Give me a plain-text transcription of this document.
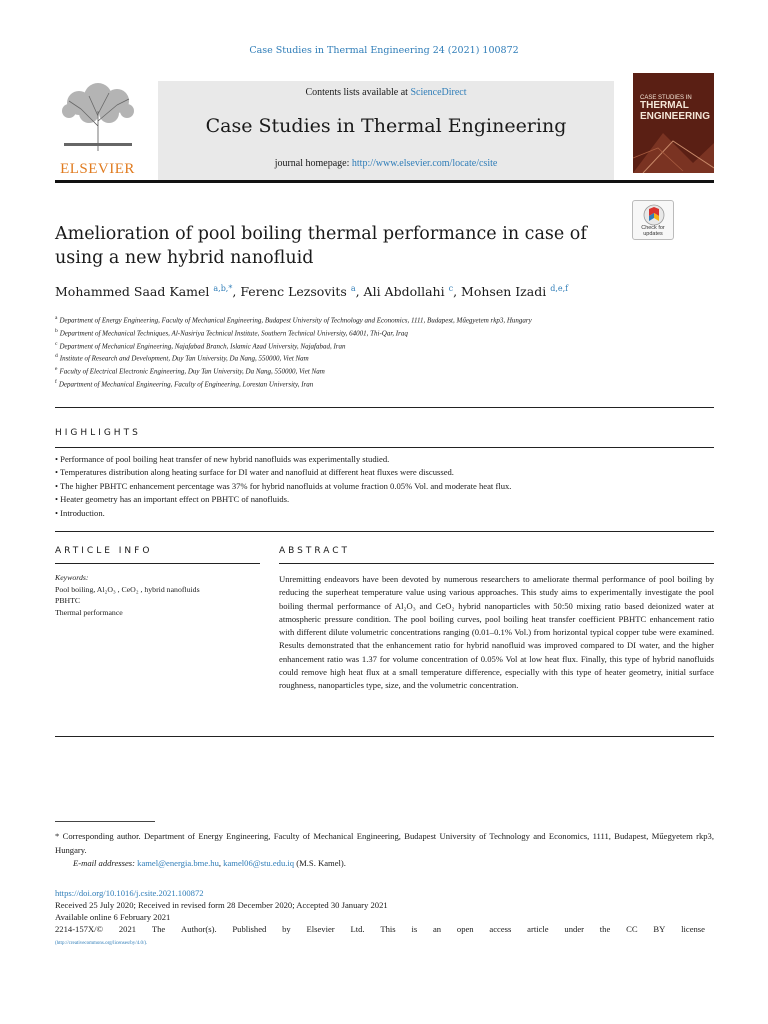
Case Studies in Thermal Engineering 24 (2021) 100872
ELSEVIER
Contents lists available at ScienceDirect
Case Studies in Thermal Engineering
journal homepage: http://www.elsevier.com/locate/csite
CASE STUDIES IN
THERMAL
ENGINEERING
Amelioration of pool boiling thermal performance in case of using a new hybrid nanofluid
Check for
updates
Mohammed Saad Kamel $^{a,b,*}$, Ferenc Lezsovits $^a$, Ali Abdollahi $^c$, Mohsen Izadi $^{d,e,f}$
$^a$ Department of Energy Engineering, Faculty of Mechanical Engineering, Budapest University of Technology and Economics, 1111, Budapest, Műegyetem rkp3, Hungary
$^b$ Department of Mechanical Techniques, Al-Nasiriya Technical Institute, Southern Technical University, 64001, Thi-Qar, Iraq
$^c$ Department of Mechanical Engineering, Najafabad Branch, Islamic Azad University, Najafabad, Iran
$^d$ Institute of Research and Development, Duy Tan University, Da Nang, 550000, Viet Nam
$^e$ Faculty of Electrical Electronic Engineering, Duy Tan University, Da Nang, 550000, Viet Nam
$^f$ Department of Mechanical Engineering, Faculty of Engineering, Lorestan University, Iran
HIGHLIGHTS
• Performance of pool boiling heat transfer of new hybrid nanofluids was experimentally studied.
• Temperatures distribution along heating surface for DI water and nanofluid at different heat fluxes were discussed.
• The higher PBHTC enhancement percentage was 37% for hybrid nanofluids at volume fraction 0.05% Vol. and moderate heat flux.
• Heater geometry has an important effect on PBHTC of nanofluids.
• Introduction.
ARTICLE INFO	ABSTRACT
Keywords:
Pool boiling, Al₂O₃ , CeO₂ , hybrid nanofluids
PBHTC
Thermal performance
Unremitting endeavors have been devoted by numerous researchers to ameliorate thermal performance of pool boiling by reducing the superheat temperature value using various approaches. This study aims to experimentally investigate the pool boiling thermal performance of Al₂O₃ and CeO₂ hybrid nanoparticles with 50:50 mixing ratio based deionized water at atmospheric pressure condition. The pool boiling curves, pool boiling heat transfer coefficient PBHTC enhancement ratio with different dilute volumetric concentrations ranging (0.01–0.1% Vol.) from horizontal typical copper tube were examined. Results demonstrated that the enhancement ratio for hybrid nanofluid was improved compared to DI water, and the higher enhancement ratio was 1.37 for volume concentration of 0.05% Vol at low heat flux. Finally, this type of hybrid nanofluids could remove high heat flux at a small temperature difference, especially with this type of heater geometry, initial surface roughness, nanoparticles type, size, and the volumetric concentration.
* Corresponding author. Department of Energy Engineering, Faculty of Mechanical Engineering, Budapest University of Technology and Economics, 1111, Budapest, Műegyetem rkp3, Hungary.
E-mail addresses: kamel@energia.bme.hu, kamel06@stu.edu.iq (M.S. Kamel).
https://doi.org/10.1016/j.csite.2021.100872
Received 25 July 2020; Received in revised form 28 December 2020; Accepted 30 January 2021
Available online 6 February 2021
2214-157X/© 2021 The Author(s). Published by Elsevier Ltd. This is an open access article under the CC BY license
(http://creativecommons.org/licenses/by/4.0/).
